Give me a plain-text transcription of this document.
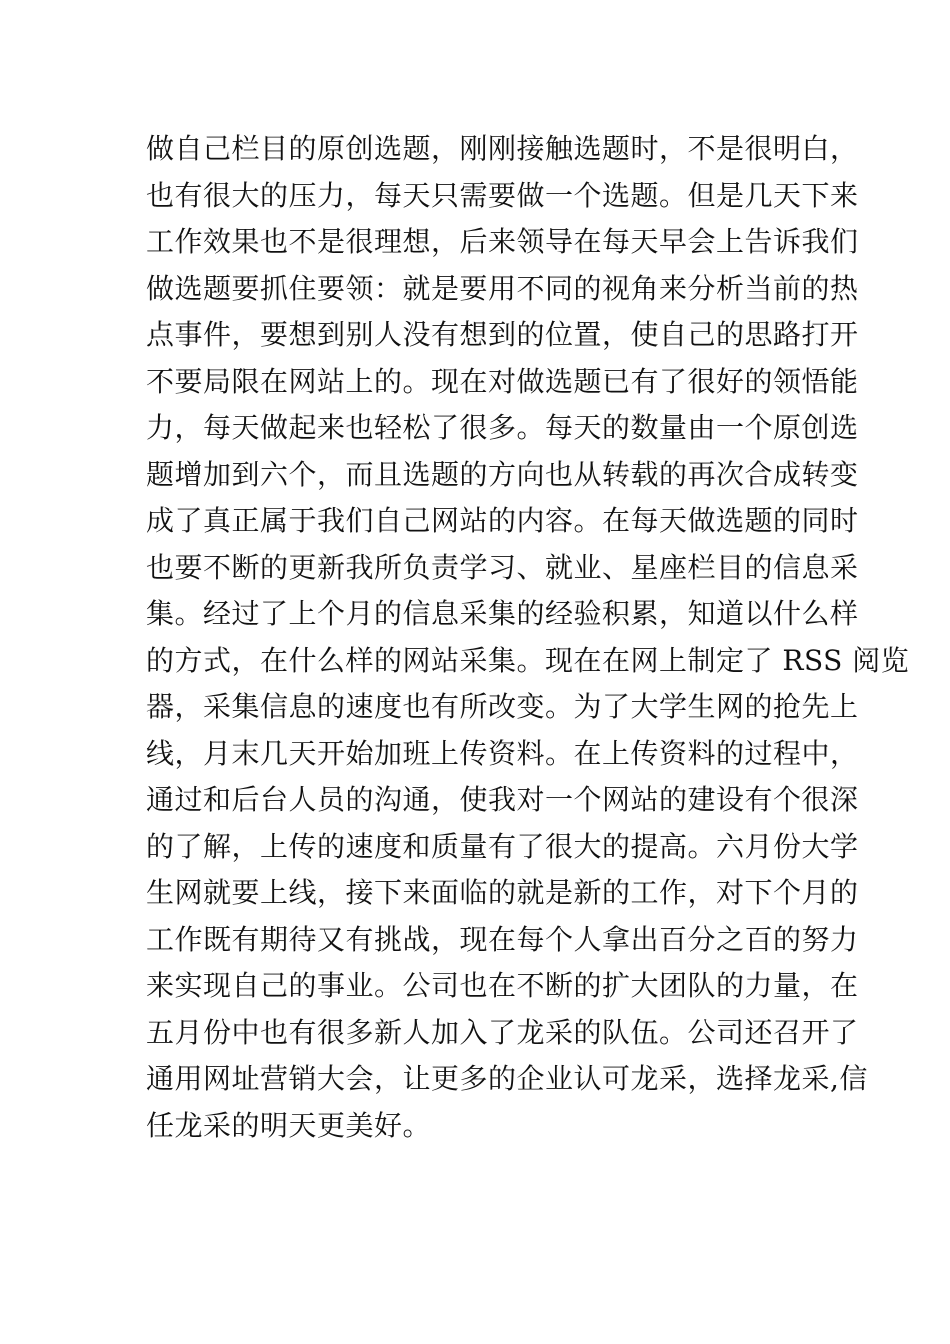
做自己栏目的原创选题，刚刚接触选题时，不是很明白，
也有很大的压力，每天只需要做一个选题。但是几天下来
工作效果也不是很理想，后来领导在每天早会上告诉我们
做选题要抓住要领：就是要用不同的视角来分析当前的热
点事件，要想到别人没有想到的位置，使自己的思路打开
不要局限在网站上的。现在对做选题已有了很好的领悟能
力，每天做起来也轻松了很多。每天的数量由一个原创选
题增加到六个，而且选题的方向也从转载的再次合成转变
成了真正属于我们自己网站的内容。在每天做选题的同时
也要不断的更新我所负责学习、就业、星座栏目的信息采
集。经过了上个月的信息采集的经验积累，知道以什么样
的方式，在什么样的网站采集。现在在网上制定了 RSS 阅览
器，采集信息的速度也有所改变。为了大学生网的抢先上
线，月末几天开始加班上传资料。在上传资料的过程中，
通过和后台人员的沟通，使我对一个网站的建设有个很深
的了解，上传的速度和质量有了很大的提高。六月份大学
生网就要上线，接下来面临的就是新的工作，对下个月的
工作既有期待又有挑战，现在每个人拿出百分之百的努力
来实现自己的事业。公司也在不断的扩大团队的力量，在
五月份中也有很多新人加入了龙采的队伍。公司还召开了
通用网址营销大会，让更多的企业认可龙采，选择龙采,信
任龙采的明天更美好。
